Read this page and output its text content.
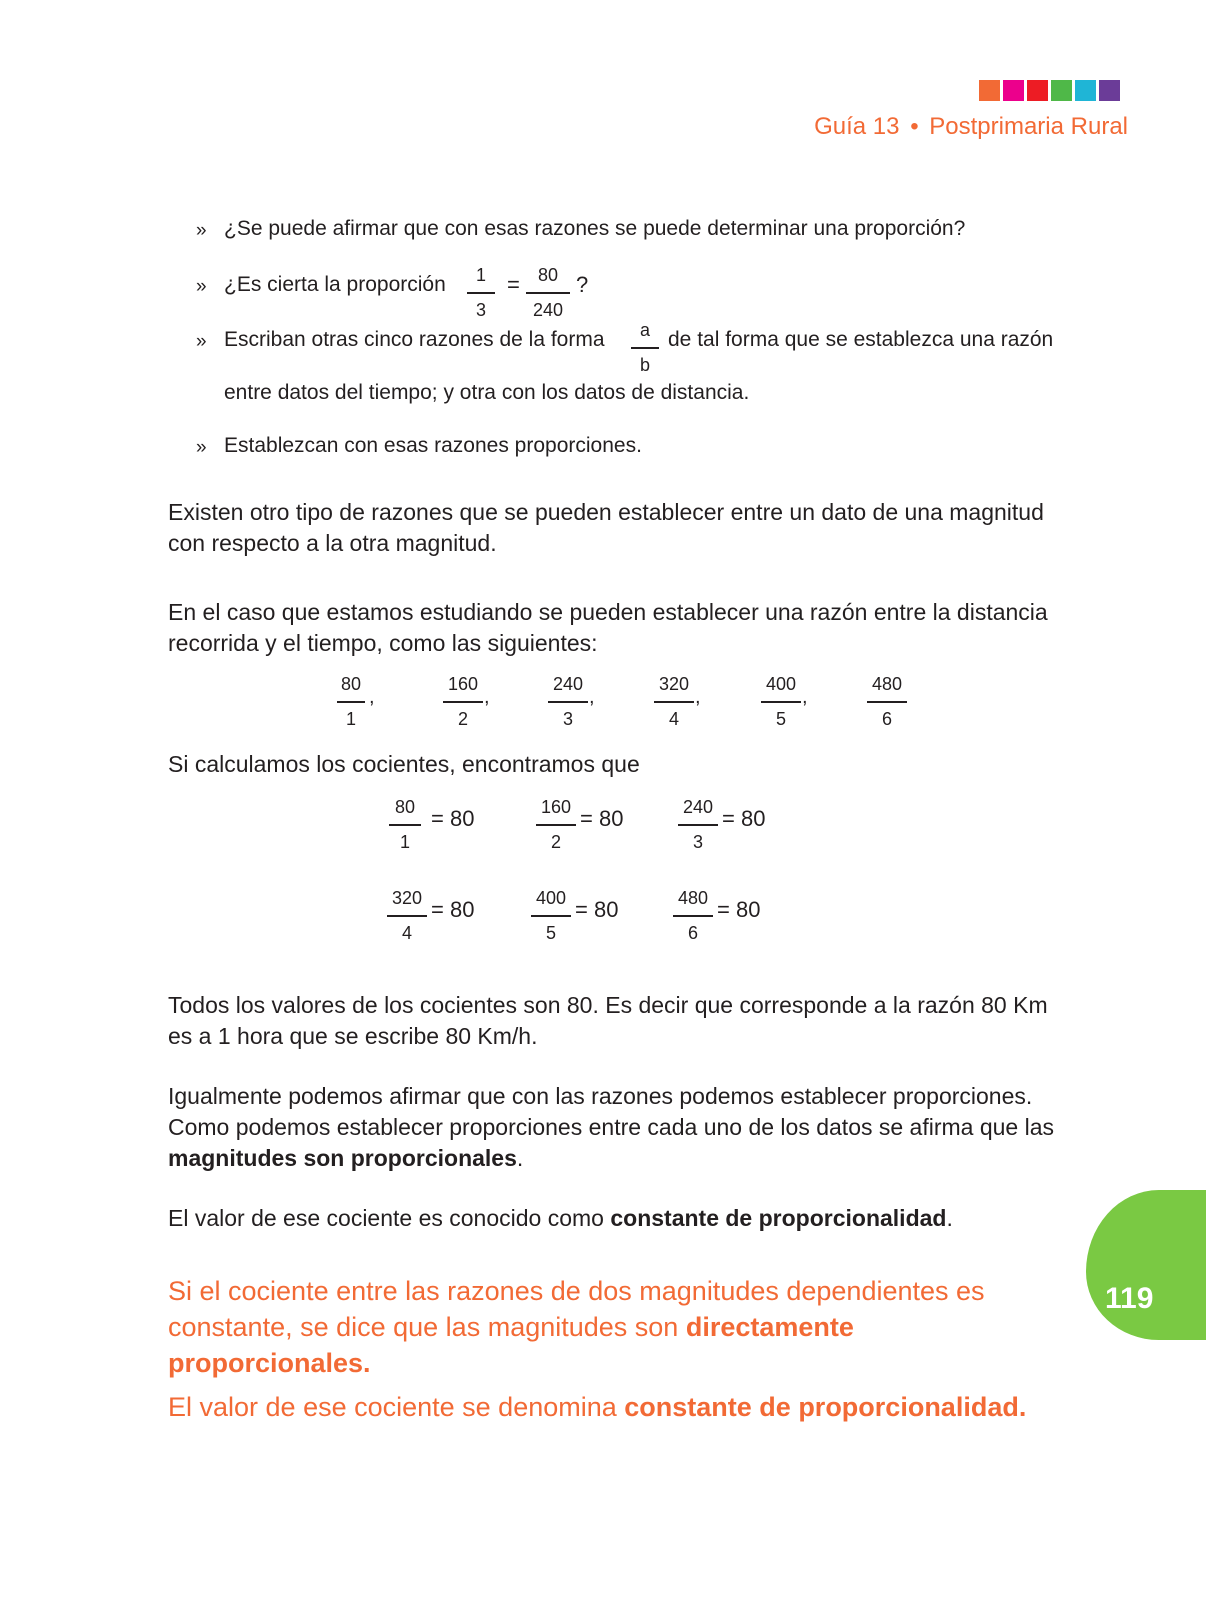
Guía 13 • Postprimaria Rural
» ¿Se puede afirmar que con esas razones se puede determinar una proporción?
» ¿Es cierta la proporción 1
3
= 80
240
?
» Escriban otras cinco razones de la forma a
b
de tal forma que se establezca una razón
entre datos del tiempo; y otra con los datos de distancia.
» Establezcan con esas razones proporciones.

Existen otro tipo de razones que se pueden establecer entre un dato de una magnitud con respecto a la otra magnitud.

En el caso que estamos estudiando se pueden establecer una razón entre la distancia recorrida y el tiempo, como las siguientes:

80
1
,
160
2
,
240
3
,
320
4
,
400
5
,
480
6

Si calculamos los cocientes, encontramos que

80
1
= 80	160
2
= 80	240
3
= 80
320
4
= 80	400
5
= 80	480
6
= 80

Todos los valores de los cocientes son 80. Es decir que corresponde a la razón 80 Km es a 1 hora que se escribe 80 Km/h.

Igualmente podemos afirmar que con las razones podemos establecer proporciones. Como podemos establecer proporciones entre cada uno de los datos se afirma que las magnitudes son proporcionales.

El valor de ese cociente es conocido como constante de proporcionalidad.

Si el cociente entre las razones de dos magnitudes dependientes es constante, se dice que las magnitudes son directamente proporcionales.

El valor de ese cociente se denomina constante de proporcionalidad.

119
